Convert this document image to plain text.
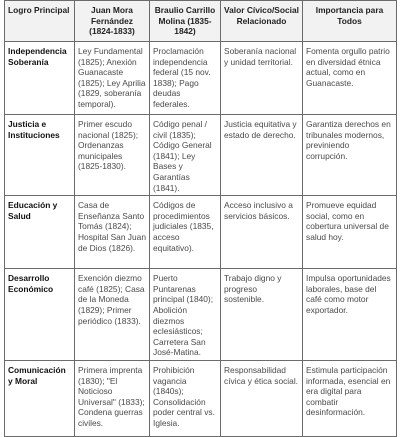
Logro Principal	Juan Mora Fernández (1824-1833)	Braulio Carrillo Molina (1835-1842)	Valor Cívico/Social Relacionado	Importancia para Todos
Independencia Soberanía	Ley Fundamental (1825); Anexión Guanacaste (1825); Ley Aprilia (1829, soberanía temporal).	Proclamación independencia federal (15 nov. 1838); Pago deudas federales.	Soberanía nacional y unidad territorial.	Fomenta orgullo patrio en diversidad étnica actual, como en Guanacaste.
Justicia e Instituciones	Primer escudo nacional (1825); Ordenanzas municipales (1825-1830).	Código penal / civil (1835); Código General (1841); Ley Bases y Garantías (1841).	Justicia equitativa y estado de derecho.	Garantiza derechos en tribunales modernos, previniendo corrupción.
Educación y Salud	Casa de Enseñanza Santo Tomás (1824); Hospital San Juan de Dios (1826).	Códigos de procedimientos judiciales (1835, acceso equitativo).	Acceso inclusivo a servicios básicos.	Promueve equidad social, como en cobertura universal de salud hoy.
Desarrollo Económico	Exención diezmo café (1825); Casa de la Moneda (1829); Primer periódico (1833).	Puerto Puntarenas principal (1840); Abolición diezmos eclesiásticos; Carretera San José-Matina.	Trabajo digno y progreso sostenible.	Impulsa oportunidades laborales, base del café como motor exportador.
Comunicación y Moral	Primera imprenta (1830); "El Noticioso Universal" (1833); Condena guerras civiles.	Prohibición vagancia (1840s); Consolidación poder central vs. Iglesia.	Responsabilidad cívica y ética social.	Estimula participación informada, esencial en era digital para combatir desinformación.
